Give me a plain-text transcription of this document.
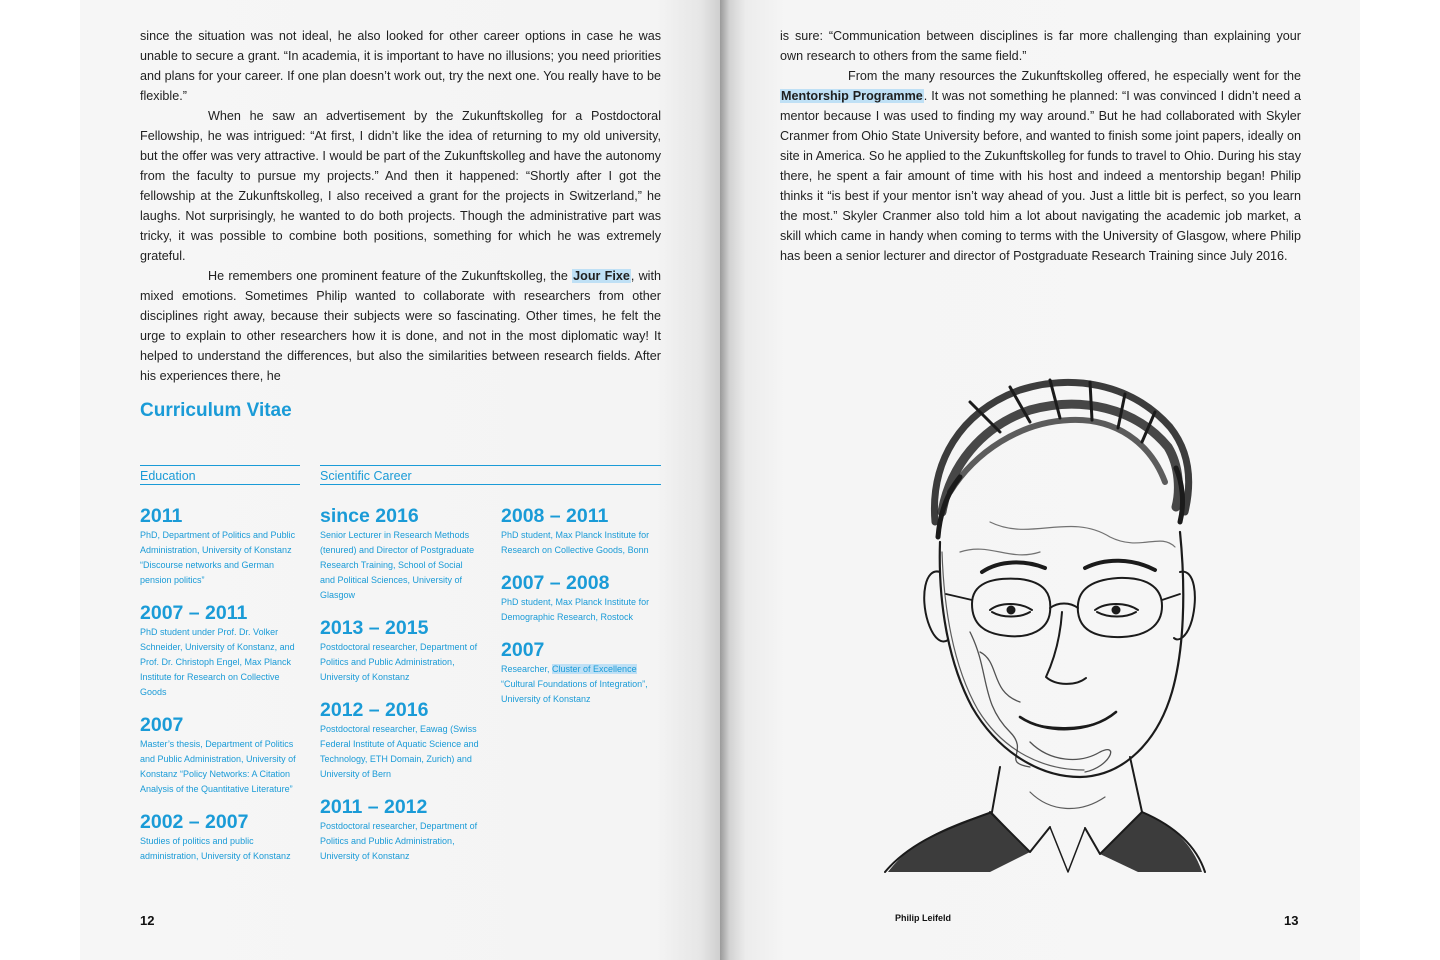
since the situation was not ideal, he also looked for other career options in case he was unable to secure a grant. “In academia, it is important to have no illusions; you need priorities and plans for your career. If one plan doesn’t work out, try the next one. You really have to be flexible.”

When he saw an advertisement by the Zukunftskolleg for a Postdoctoral Fellowship, he was intrigued: “At first, I didn’t like the idea of returning to my old university, but the offer was very attractive. I would be part of the Zukunftskolleg and have the autonomy from the faculty to pursue my projects.” And then it happened: “Shortly after I got the fellowship at the Zukunftskolleg, I also received a grant for the projects in Switzerland,” he laughs. Not surprisingly, he wanted to do both projects. Though the administrative part was tricky, it was possible to combine both positions, something for which he was extremely grateful.

He remembers one prominent feature of the Zukunftskolleg, the Jour Fixe, with mixed emotions. Sometimes Philip wanted to collaborate with researchers from other disciplines right away, because their subjects were so fascinating. Other times, he felt the urge to explain to other researchers how it is done, and not in the most diplomatic way! It helped to understand the differences, but also the similarities between research fields. After his experiences there, he

Curriculum Vitae
Education	Scientific Career

2011

PhD, Department of Politics and Public Administration, University of Konstanz “Discourse networks and German pension politics”

2007 – 2011

PhD student under Prof. Dr. Volker Schneider, University of Konstanz, and Prof. Dr. Christoph Engel, Max Planck Institute for Research on Collective Goods

2007

Master’s thesis, Department of Politics and Public Administration, University of Konstanz “Policy Networks: A Citation Analysis of the Quantitative Literature”

2002 – 2007

Studies of politics and public administration, University of Konstanz

since 2016

Senior Lecturer in Research Methods (tenured) and Director of Postgraduate Research Training, School of Social and Political Sciences, University of Glasgow

2013 – 2015

Postdoctoral researcher, Department of Politics and Public Administration, University of Konstanz

2012 – 2016

Postdoctoral researcher, Eawag (Swiss Federal Institute of Aquatic Science and Technology, ETH Domain, Zurich) and University of Bern

2011 – 2012

Postdoctoral researcher, Department of Politics and Public Administration, University of Konstanz

2008 – 2011

PhD student, Max Planck Institute for Research on Collective Goods, Bonn

2007 – 2008

PhD student, Max Planck Institute for Demographic Research, Rostock

2007

Researcher, Cluster of Excellence “Cultural Foundations of Integration”, University of Konstanz

12

is sure: “Communication between disciplines is far more challenging than explaining your own research to others from the same field.”

From the many resources the Zukunftskolleg offered, he especially went for the Mentorship Programme. It was not something he planned: “I was convinced I didn’t need a mentor because I was used to finding my way around.” But he had collaborated with Skyler Cranmer from Ohio State University before, and wanted to finish some joint papers, ideally on site in America. So he applied to the Zukunftskolleg for funds to travel to Ohio. During his stay there, he spent a fair amount of time with his host and indeed a mentorship began! Philip thinks it “is best if your mentor isn’t way ahead of you. Just a little bit is perfect, so you learn the most.” Skyler Cranmer also told him a lot about navigating the academic job market, a skill which came in handy when coming to terms with the University of Glasgow, where Philip has been a senior lecturer and director of Postgraduate Research Training since July 2016.

Philip Leifeld	13
